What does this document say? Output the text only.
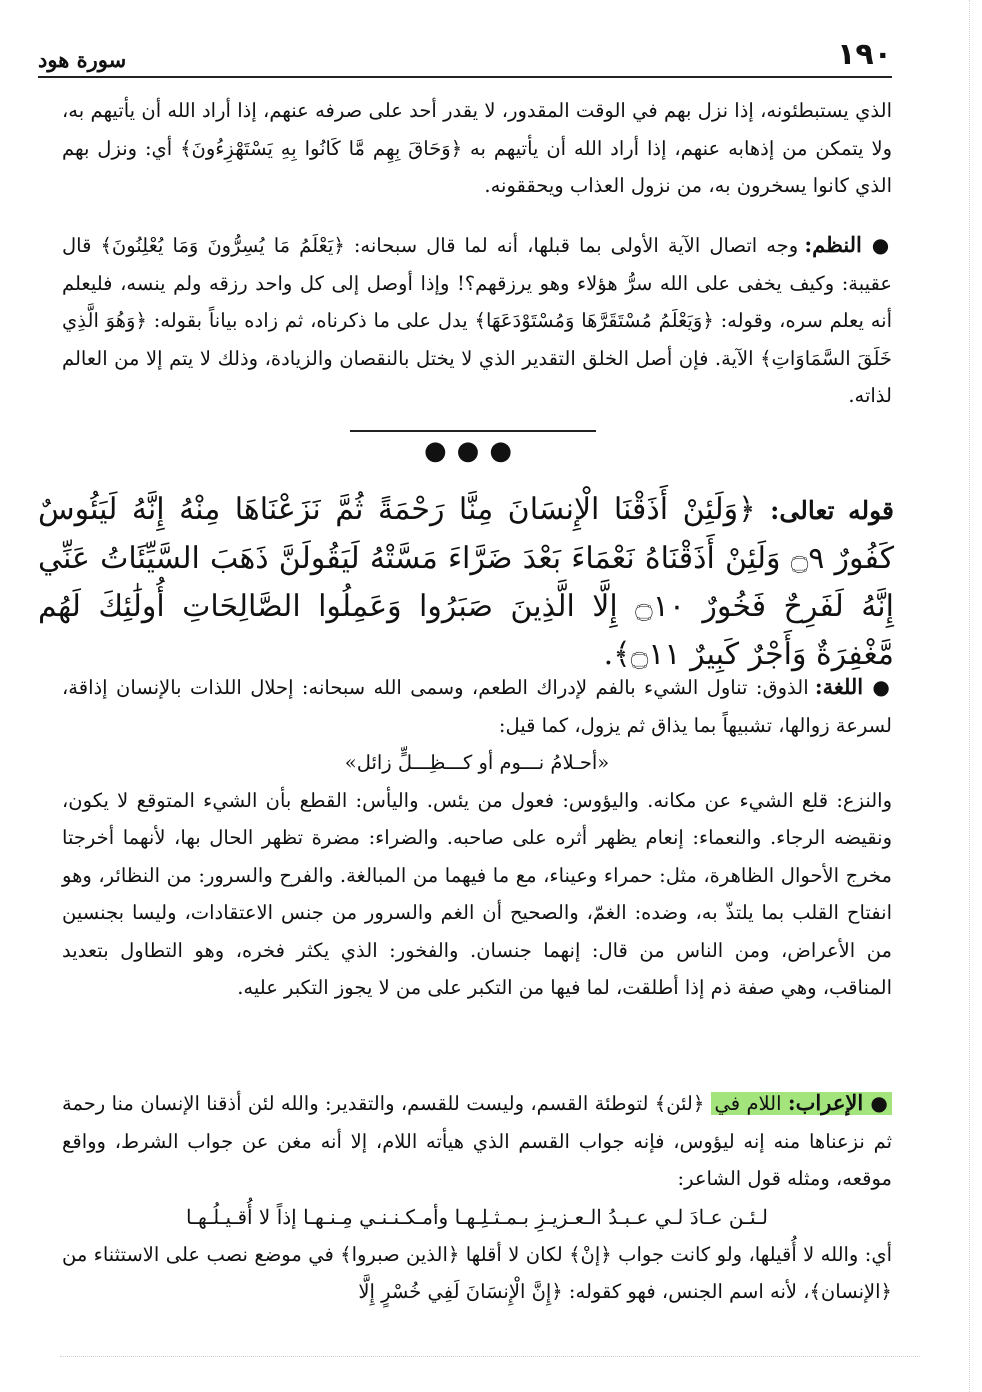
١٩٠
سورة هود

الذي يستبطئونه، إذا نزل بهم في الوقت المقدور، لا يقدر أحد على صرفه عنهم، إذا أراد الله أن يأتيهم به، ولا يتمكن من إذهابه عنهم، إذا أراد الله أن يأتيهم به ﴿وَحَاقَ بِهِم مَّا كَانُوا بِهِ يَسْتَهْزِءُونَ﴾ أي: ونزل بهم الذي كانوا يسخرون به، من نزول العذاب ويحققونه.

● النظم: وجه اتصال الآية الأولى بما قبلها، أنه لما قال سبحانه: ﴿يَعْلَمُ مَا يُسِرُّونَ وَمَا يُعْلِنُونَ﴾ قال عقيبة: وكيف يخفى على الله سرُّ هؤلاء وهو يرزقهم؟! وإذا أوصل إلى كل واحد رزقه ولم ينسه، فليعلم أنه يعلم سره، وقوله: ﴿وَيَعْلَمُ مُسْتَقَرَّهَا وَمُسْتَوْدَعَهَا﴾ يدل على ما ذكرناه، ثم زاده بياناً بقوله: ﴿وَهُوَ الَّذِي خَلَقَ السَّمَاوَاتِ﴾ الآية. فإن أصل الخلق التقدير الذي لا يختل بالنقصان والزيادة، وذلك لا يتم إلا من العالم لذاته.

●●●
قوله تعالى: ﴿وَلَئِنْ أَذَقْنَا الْإِنسَانَ مِنَّا رَحْمَةً ثُمَّ نَزَعْنَاهَا مِنْهُ إِنَّهُ لَيَئُوسٌ كَفُورٌ ۝٩ وَلَئِنْ أَذَقْنَاهُ نَعْمَاءَ بَعْدَ ضَرَّاءَ مَسَّتْهُ لَيَقُولَنَّ ذَهَبَ السَّيِّئَاتُ عَنِّي إِنَّهُ لَفَرِحٌ فَخُورٌ ۝١٠ إِلَّا الَّذِينَ صَبَرُوا وَعَمِلُوا الصَّالِحَاتِ أُولَٰئِكَ لَهُم مَّغْفِرَةٌ وَأَجْرٌ كَبِيرٌ ۝١١﴾.

● اللغة: الذوق: تناول الشيء بالفم لإدراك الطعم، وسمى الله سبحانه: إحلال اللذات بالإنسان إذاقة، لسرعة زوالها، تشبيهاً بما يذاق ثم يزول، كما قيل:

«أحـلامُ نـــوم أو كـــظِـــلٍّ زائل»

والنزع: قلع الشيء عن مكانه. واليؤوس: فعول من يئس. واليأس: القطع بأن الشيء المتوقع لا يكون، ونقيضه الرجاء. والنعماء: إنعام يظهر أثره على صاحبه. والضراء: مضرة تظهر الحال بها، لأنهما أخرجتا مخرج الأحوال الظاهرة، مثل: حمراء وعيناء، مع ما فيهما من المبالغة. والفرح والسرور: من النظائر، وهو انفتاح القلب بما يلتذّ به، وضده: الغمّ، والصحيح أن الغم والسرور من جنس الاعتقادات، وليسا بجنسين من الأعراض، ومن الناس من قال: إنهما جنسان. والفخور: الذي يكثر فخره، وهو التطاول بتعديد المناقب، وهي صفة ذم إذا أطلقت، لما فيها من التكبر على من لا يجوز التكبر عليه.

● الإعراب: اللام في ﴿لئن﴾ لتوطئة القسم، وليست للقسم، والتقدير: والله لئن أذقنا الإنسان منا رحمة ثم نزعناها منه إنه ليؤوس، فإنه جواب القسم الذي هيأته اللام، إلا أنه مغن عن جواب الشرط، وواقع موقعه، ومثله قول الشاعر:

لـئـن عـادَ لـي عـبـدُ الـعـزيـزِ بـمـثـلِـهـا وأمـكـنـنـي مِـنـهـا إذاً لا أُقـيـلُـهـا

أي: والله لا أُقيلها، ولو كانت جواب ﴿إنْ﴾ لكان لا أقلها ﴿الذين صبروا﴾ في موضع نصب على الاستثناء من ﴿الإنسان﴾، لأنه اسم الجنس، فهو كقوله: ﴿إِنَّ الْإِنسَانَ لَفِي خُسْرٍ إِلَّا
